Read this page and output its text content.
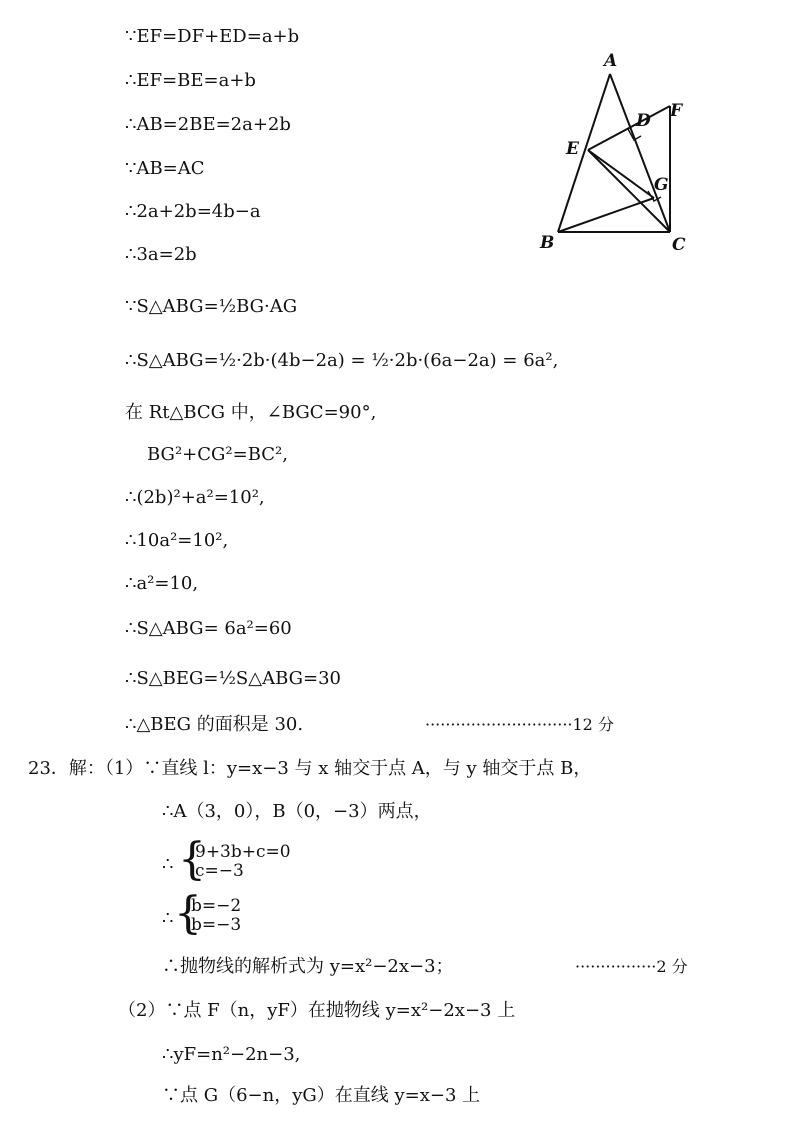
∵EF=DF+ED=a+b
∴EF=BE=a+b
∴AB=2BE=2a+2b
∵AB=AC
∴2a+2b=4b−a
∴3a=2b
∵S△ABG=½BG·AG
∴S△ABG=½·2b·(4b−2a) = ½·2b·(6a−2a) = 6a²,
在 Rt△BCG 中，∠BGC=90°,
BG²+CG²=BC²,
∴(2b)²+a²=10²,
∴10a²=10²,
∴a²=10,
∴S△ABG= 6a²=60
∴S△BEG=½S△ABG=30
∴△BEG 的面积是 30.	·····························12 分
23．解：（1）∵直线 l：y=x−3 与 x 轴交于点 A，与 y 轴交于点 B，
∴A（3，0），B（0，−3）两点，
∴ {
9+3b+c=0
c=−3
∴ {
b=−2
b=−3
∴抛物线的解析式为 y=x²−2x−3；	················2 分
（2）∵点 F（n，yF）在抛物线 y=x²−2x−3 上
∴yF=n²−2n−3,
∵点 G（6−n，yG）在直线 y=x−3 上
A
B	C
D
E
F
G
